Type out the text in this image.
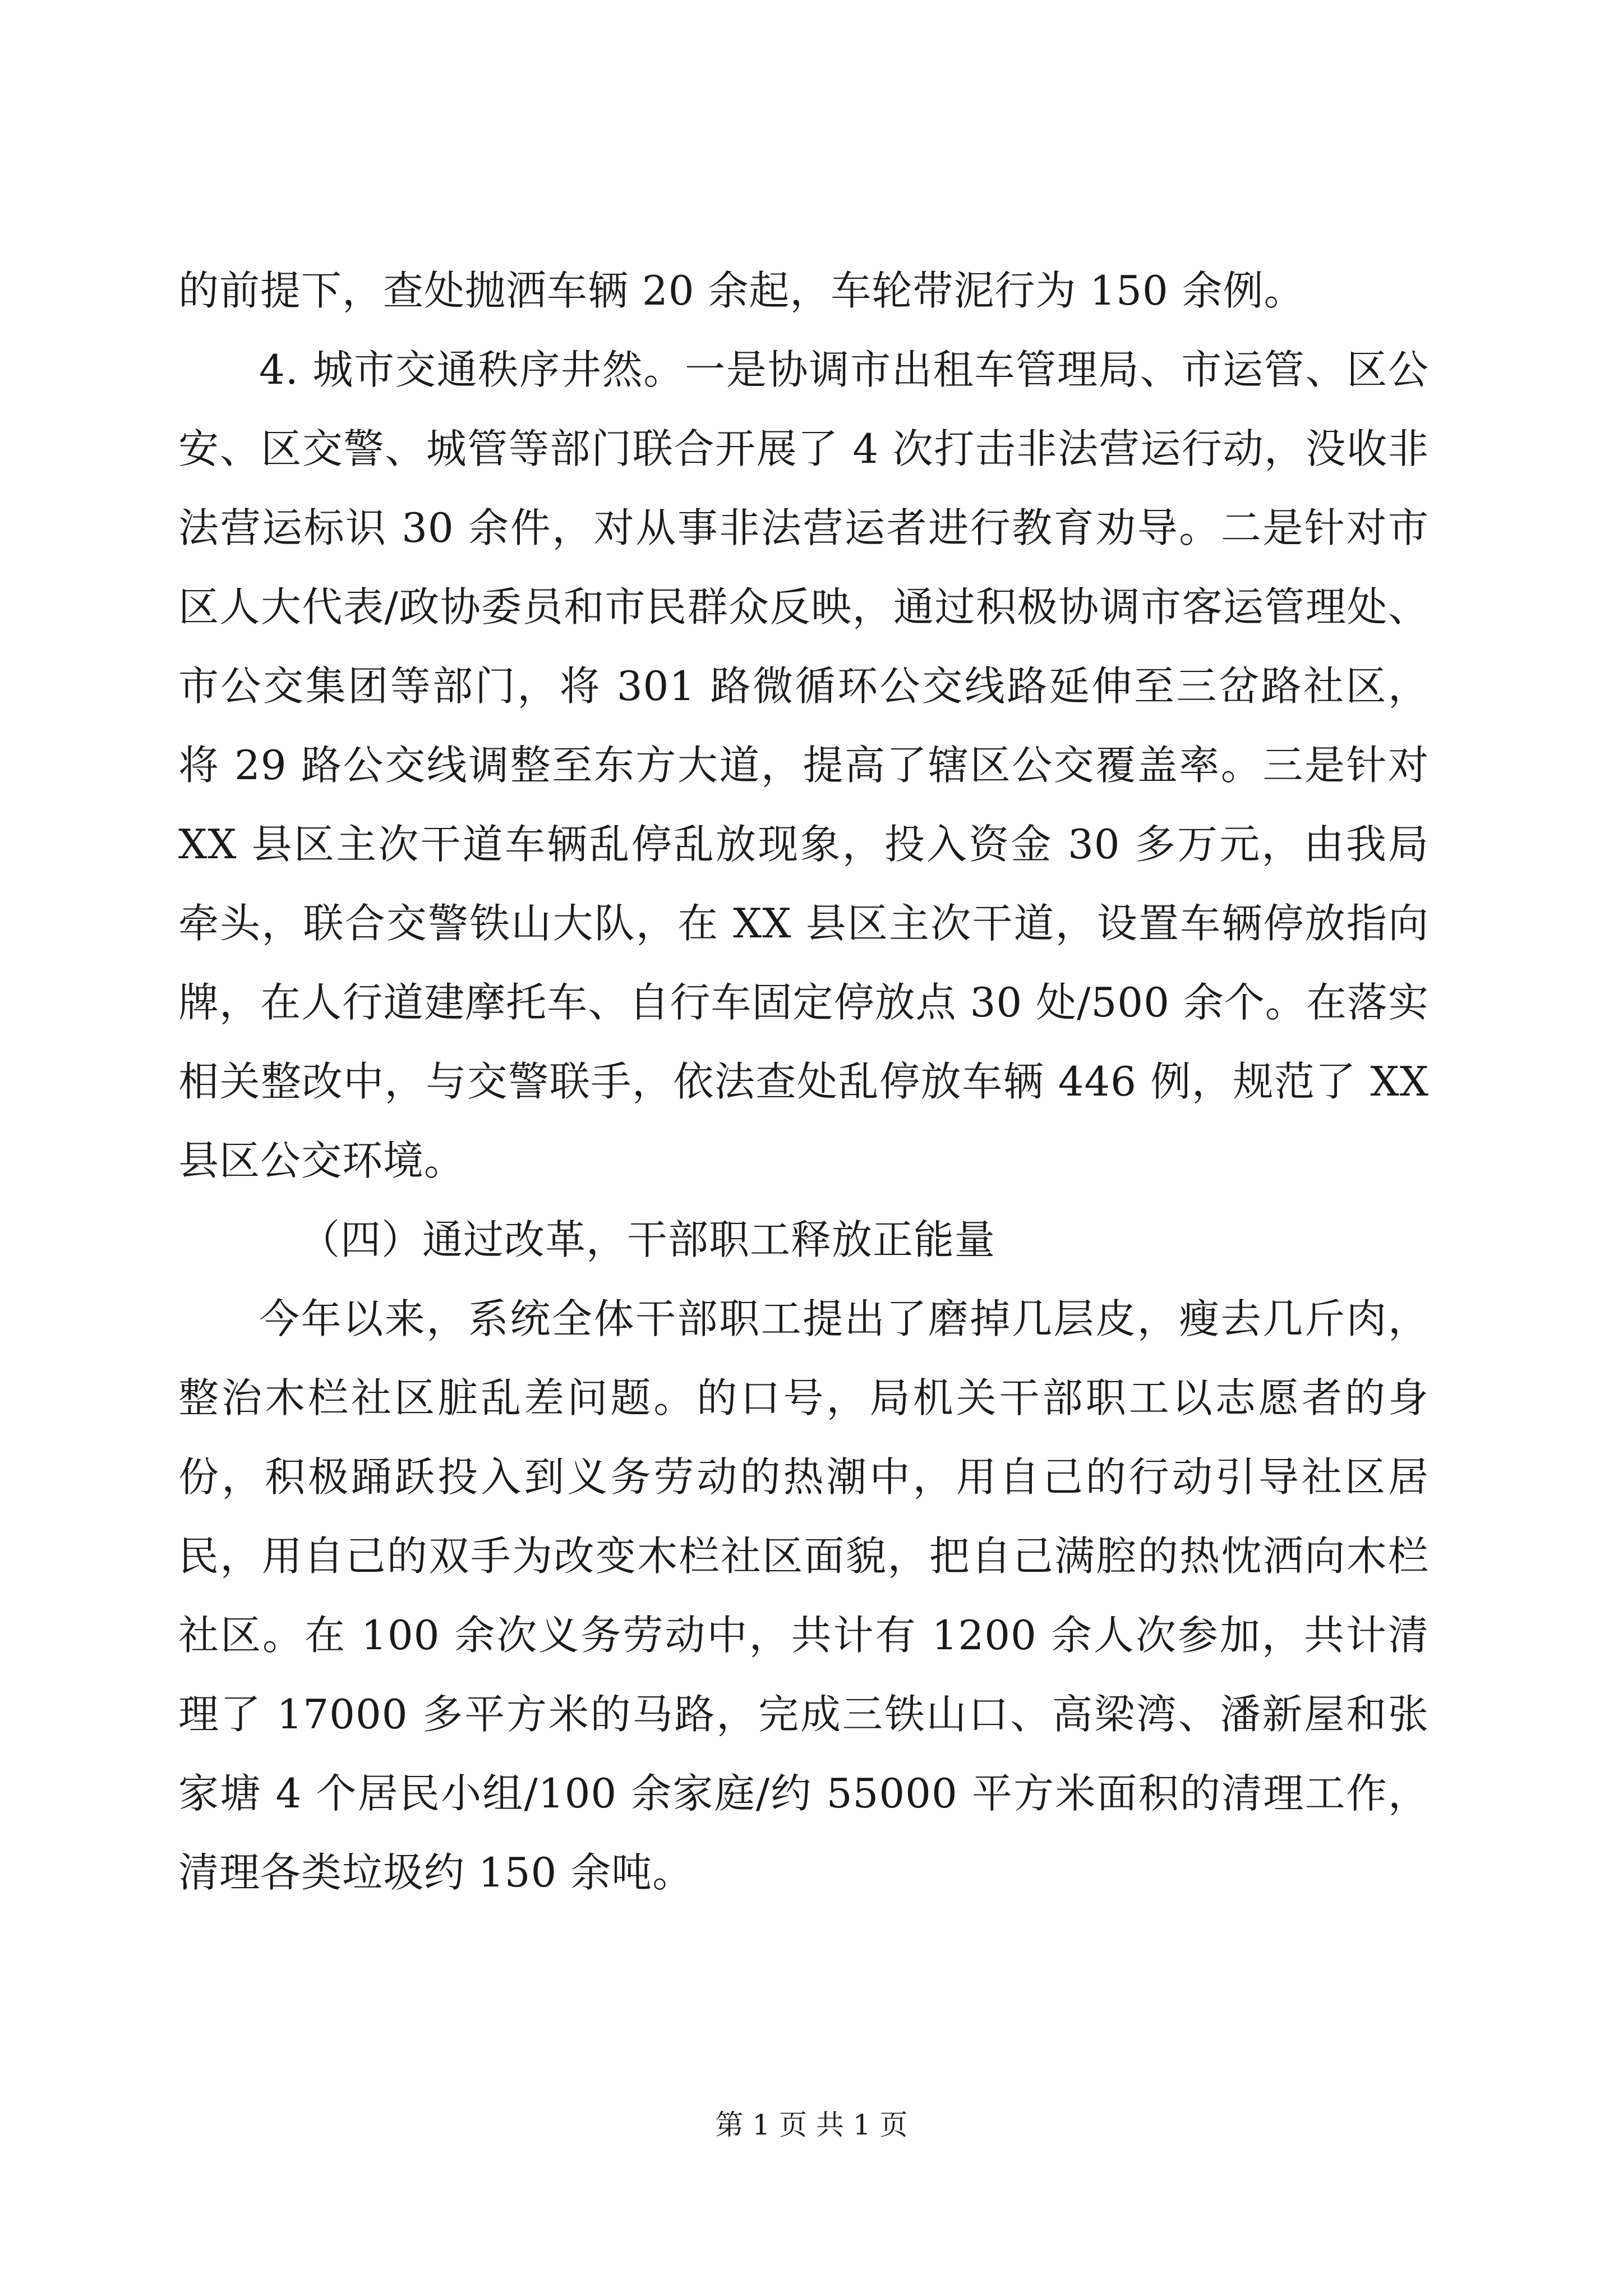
的前提下，查处抛洒车辆 20 余起，车轮带泥行为 150 余例。

4. 城市交通秩序井然。一是协调市出租车管理局、市运管、区公安、区交警、城管等部门联合开展了 4 次打击非法营运行动，没收非法营运标识 30 余件，对从事非法营运者进行教育劝导。二是针对市区人大代表/政协委员和市民群众反映，通过积极协调市客运管理处、市公交集团等部门，将 301 路微循环公交线路延伸至三岔路社区，将 29 路公交线调整至东方大道，提高了辖区公交覆盖率。三是针对 XX 县区主次干道车辆乱停乱放现象，投入资金 30 多万元，由我局牵头，联合交警铁山大队，在 XX 县区主次干道，设置车辆停放指向牌，在人行道建摩托车、自行车固定停放点 30 处/500 余个。在落实相关整改中，与交警联手，依法查处乱停放车辆 446 例，规范了 XX 县区公交环境。

（四）通过改革，干部职工释放正能量

今年以来，系统全体干部职工提出了磨掉几层皮，瘦去几斤肉，整治木栏社区脏乱差问题。的口号，局机关干部职工以志愿者的身份，积极踊跃投入到义务劳动的热潮中，用自己的行动引导社区居民，用自己的双手为改变木栏社区面貌，把自己满腔的热忱洒向木栏社区。在 100 余次义务劳动中，共计有 1200 余人次参加，共计清理了 17000 多平方米的马路，完成三铁山口、高梁湾、潘新屋和张家塘 4 个居民小组/100 余家庭/约 55000 平方米面积的清理工作，清理各类垃圾约 150 余吨。

第 1 页 共 1 页
